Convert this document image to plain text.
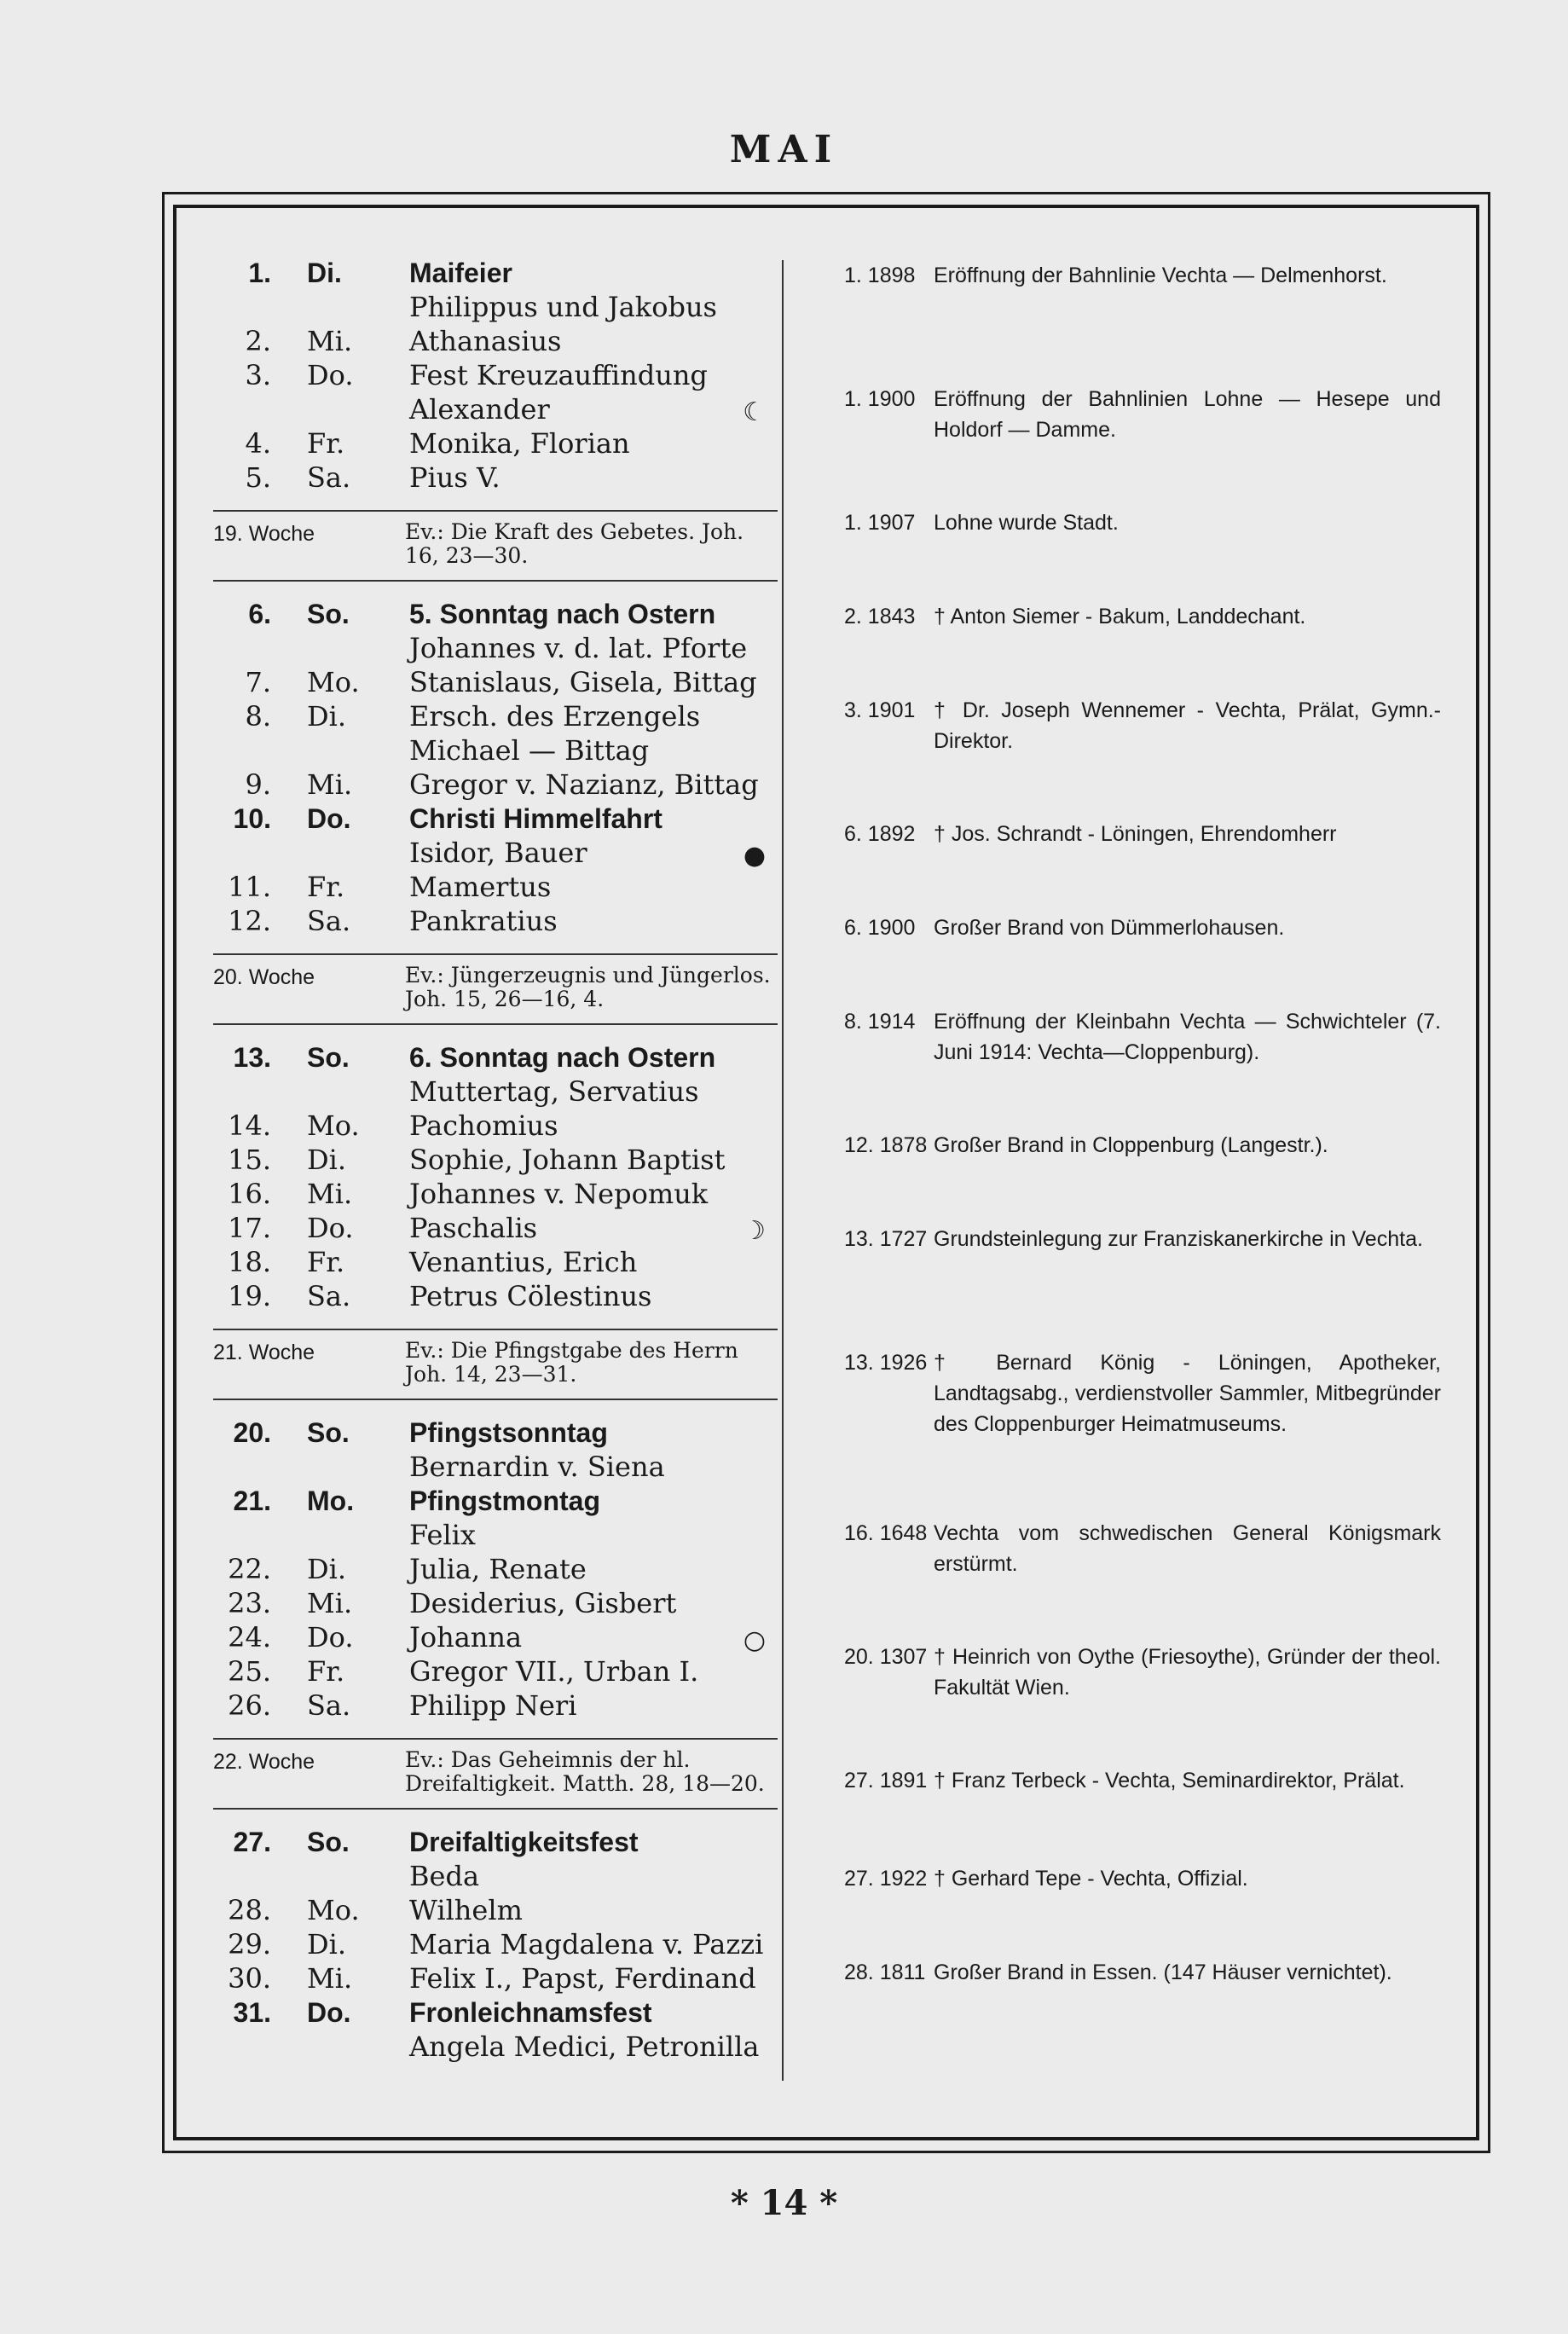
MAI
1. Di. Maifeier
Philippus und Jakobus
2. Mi. Athanasius
3. Do. Fest Kreuzauffindung
Alexander	☾
4. Fr. Monika, Florian
5. Sa. Pius V.
19. Woche	Ev.: Die Kraft des Gebetes. Joh. 16, 23—30.
6. So. 5. Sonntag nach Ostern
Johannes v. d. lat. Pforte
7. Mo. Stanislaus, Gisela, Bittag
8. Di. Ersch. des Erzengels
Michael — Bittag
9. Mi. Gregor v. Nazianz, Bittag
10. Do. Christi Himmelfahrt
Isidor, Bauer	●
11. Fr. Mamertus
12. Sa. Pankratius
20. Woche	Ev.: Jüngerzeugnis und Jüngerlos. Joh. 15, 26—16, 4.
13. So. 6. Sonntag nach Ostern
Muttertag, Servatius
14. Mo. Pachomius
15. Di. Sophie, Johann Baptist
16. Mi. Johannes v. Nepomuk
17. Do. Paschalis	☽
18. Fr. Venantius, Erich
19. Sa. Petrus Cölestinus
21. Woche	Ev.: Die Pfingstgabe des Herrn Joh. 14, 23—31.
20. So. Pfingstsonntag
Bernardin v. Siena
21. Mo. Pfingstmontag
Felix
22. Di. Julia, Renate
23. Mi. Desiderius, Gisbert
24. Do. Johanna	○
25. Fr. Gregor VII., Urban I.
26. Sa. Philipp Neri
22. Woche	Ev.: Das Geheimnis der hl. Dreifaltigkeit. Matth. 28, 18—20.
27. So. Dreifaltigkeitsfest
Beda
28. Mo. Wilhelm
29. Di. Maria Magdalena v. Pazzi
30. Mi. Felix I., Papst, Ferdinand
31. Do. Fronleichnamsfest
Angela Medici, Petronilla
1. 1898 Eröffnung der Bahnlinie Vechta — Delmenhorst.
1. 1900 Eröffnung der Bahnlinien Lohne — Hesepe und Holdorf — Damme.
1. 1907 Lohne wurde Stadt.
2. 1843 † Anton Siemer - Bakum, Landdechant.
3. 1901 † Dr. Joseph Wennemer - Vechta, Prälat, Gymn.-Direktor.
6. 1892 † Jos. Schrandt - Löningen, Ehrendomherr
6. 1900 Großer Brand von Dümmerlohausen.
8. 1914 Eröffnung der Kleinbahn Vechta — Schwichteler (7. Juni 1914: Vechta—Cloppenburg).
12. 1878 Großer Brand in Cloppenburg (Langestr.).
13. 1727 Grundsteinlegung zur Franziskanerkirche in Vechta.
13. 1926 † Bernard König - Löningen, Apotheker, Landtagsabg., verdienstvoller Sammler, Mitbegründer des Cloppenburger Heimatmuseums.
16. 1648 Vechta vom schwedischen General Königsmark erstürmt.
20. 1307 † Heinrich von Oythe (Friesoythe), Gründer der theol. Fakultät Wien.
27. 1891 † Franz Terbeck - Vechta, Seminardirektor, Prälat.
27. 1922 † Gerhard Tepe - Vechta, Offizial.
28. 1811 Großer Brand in Essen. (147 Häuser vernichtet).
* 14 *
